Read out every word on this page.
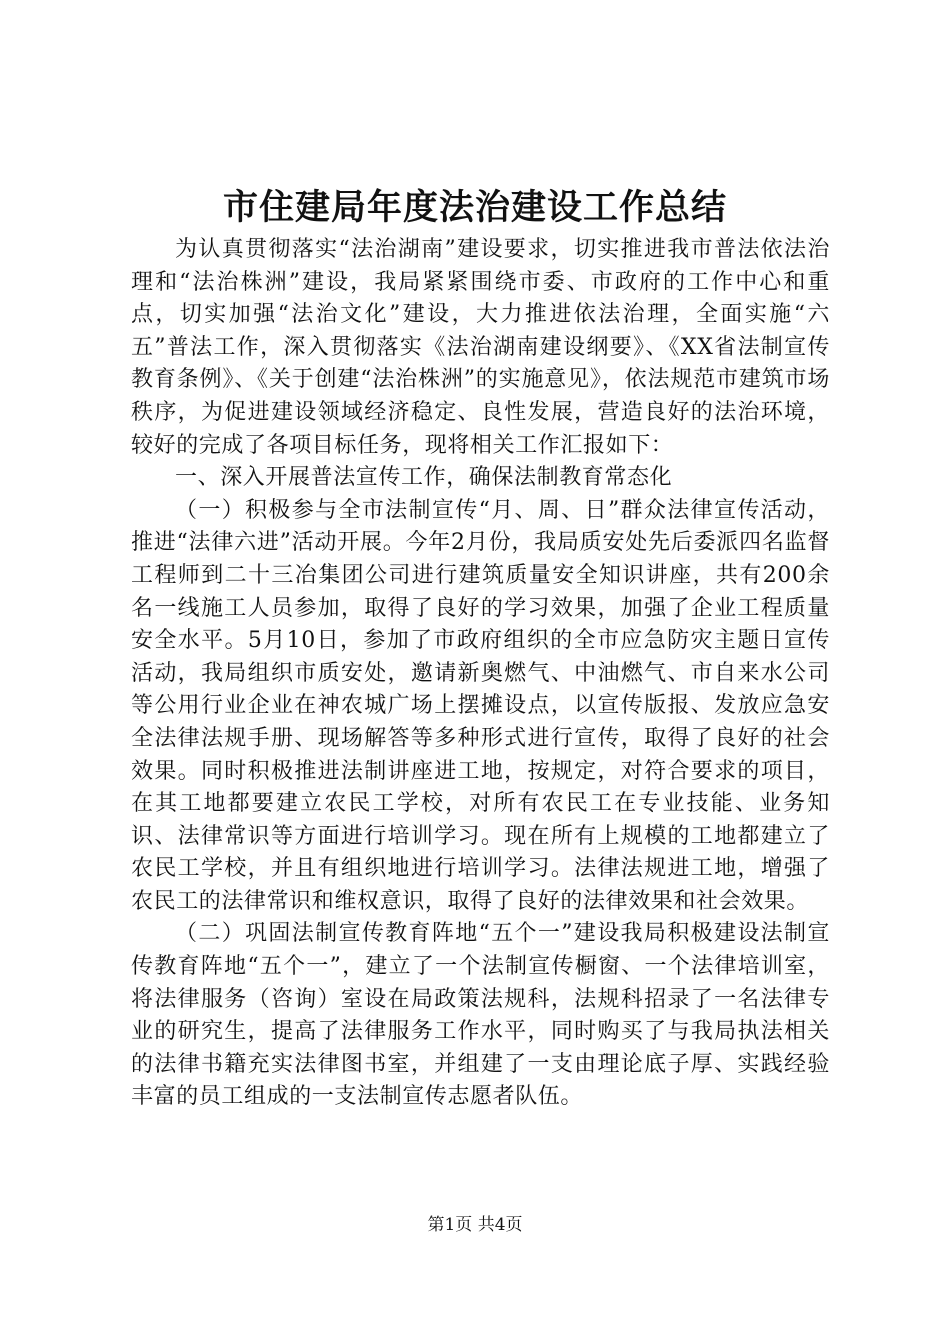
市住建局年度法治建设工作总结

为认真贯彻落实“法治湖南”建设要求，切实推进我市普法依法治理和“法治株洲”建设，我局紧紧围绕市委、市政府的工作中心和重点，切实加强“法治文化”建设，大力推进依法治理，全面实施“六五”普法工作，深入贯彻落实《法治湖南建设纲要》、《XX省法制宣传教育条例》、《关于创建“法治株洲”的实施意见》，依法规范市建筑市场秩序，为促进建设领域经济稳定、良性发展，营造良好的法治环境，较好的完成了各项目标任务，现将相关工作汇报如下：

一、深入开展普法宣传工作，确保法制教育常态化

（一）积极参与全市法制宣传“月、周、日”群众法律宣传活动，推进“法律六进”活动开展。今年2月份，我局质安处先后委派四名监督工程师到二十三冶集团公司进行建筑质量安全知识讲座，共有200余名一线施工人员参加，取得了良好的学习效果，加强了企业工程质量安全水平。5月10日，参加了市政府组织的全市应急防灾主题日宣传活动，我局组织市质安处，邀请新奥燃气、中油燃气、市自来水公司等公用行业企业在神农城广场上摆摊设点，以宣传版报、发放应急安全法律法规手册、现场解答等多种形式进行宣传，取得了良好的社会效果。同时积极推进法制讲座进工地，按规定，对符合要求的项目，在其工地都要建立农民工学校，对所有农民工在专业技能、业务知识、法律常识等方面进行培训学习。现在所有上规模的工地都建立了农民工学校，并且有组织地进行培训学习。法律法规进工地，增强了农民工的法律常识和维权意识，取得了良好的法律效果和社会效果。

（二）巩固法制宣传教育阵地“五个一”建设我局积极建设法制宣传教育阵地“五个一”，建立了一个法制宣传橱窗、一个法律培训室，将法律服务（咨询）室设在局政策法规科，法规科招录了一名法律专业的研究生，提高了法律服务工作水平，同时购买了与我局执法相关的法律书籍充实法律图书室，并组建了一支由理论底子厚、实践经验丰富的员工组成的一支法制宣传志愿者队伍。

第1页 共4页
